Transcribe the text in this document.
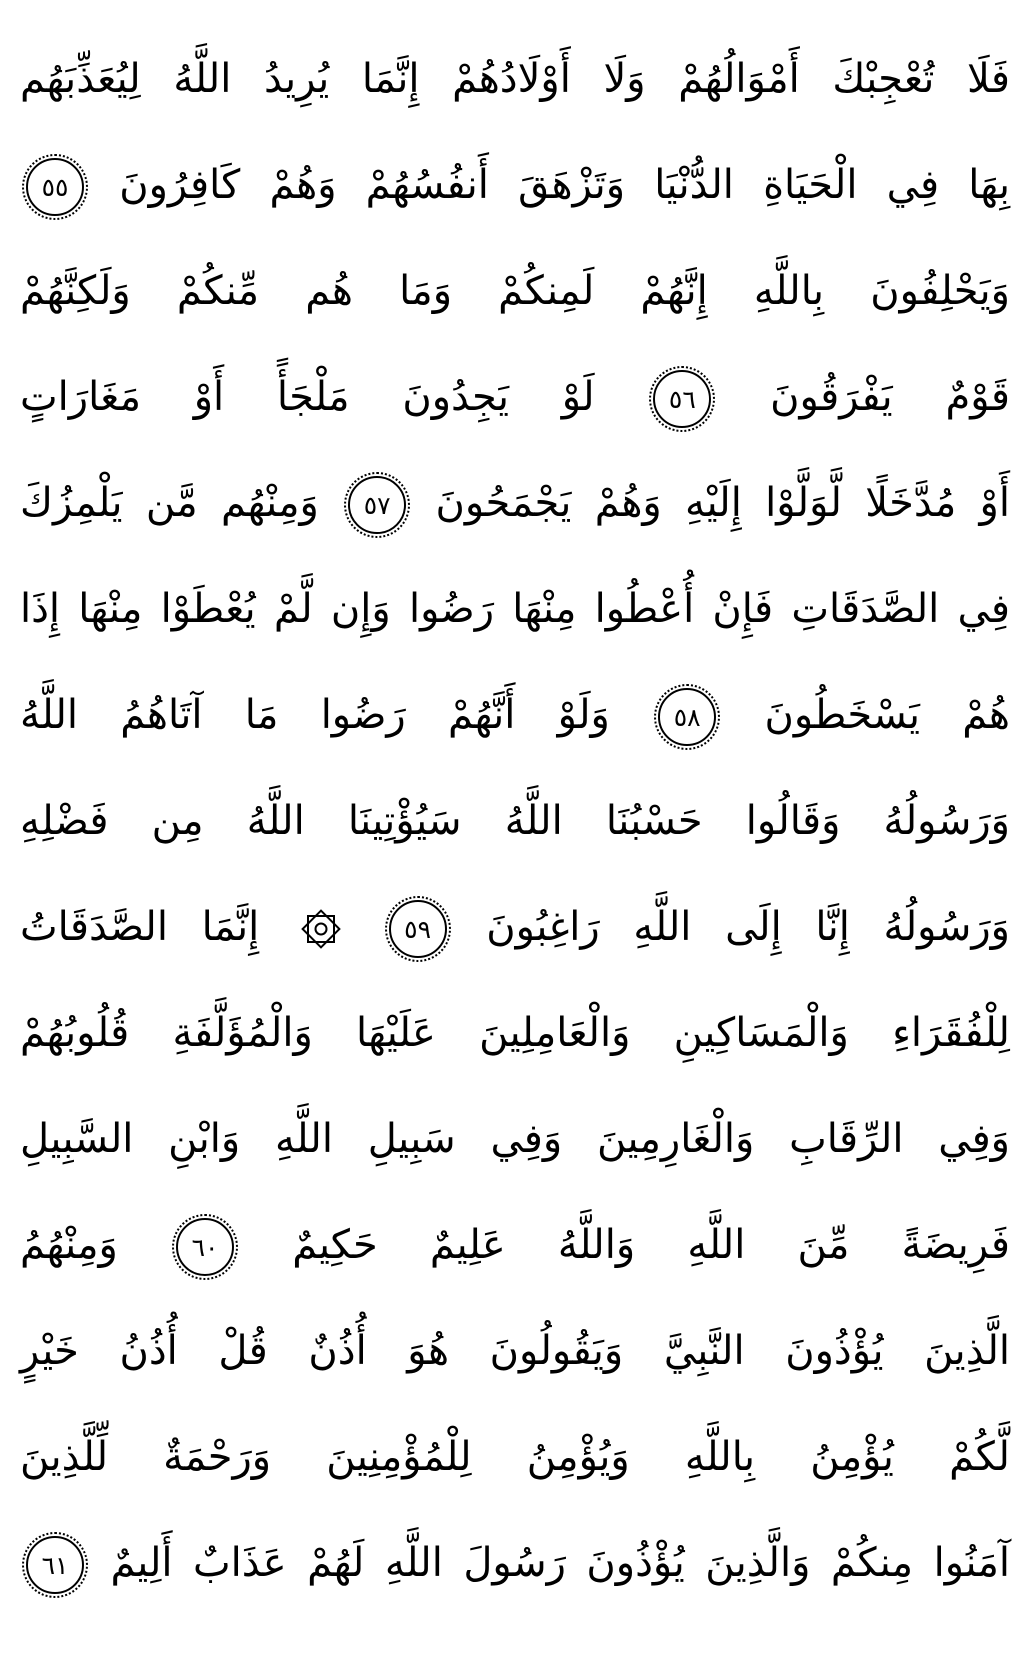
فَلَا تُعْجِبْكَ أَمْوَالُهُمْ وَلَا أَوْلَادُهُمْ إِنَّمَا يُرِيدُ اللَّهُ لِيُعَذِّبَهُم
بِهَا فِي الْحَيَاةِ الدُّنْيَا وَتَزْهَقَ أَنفُسُهُمْ وَهُمْ كَافِرُونَ ٥٥
وَيَحْلِفُونَ بِاللَّهِ إِنَّهُمْ لَمِنكُمْ وَمَا هُم مِّنكُمْ وَلَكِنَّهُمْ
قَوْمٌ يَفْرَقُونَ ٥٦ لَوْ يَجِدُونَ مَلْجَأً أَوْ مَغَارَاتٍ
أَوْ مُدَّخَلًا لَّوَلَّوْا إِلَيْهِ وَهُمْ يَجْمَحُونَ ٥٧ وَمِنْهُم مَّن يَلْمِزُكَ
فِي الصَّدَقَاتِ فَإِنْ أُعْطُوا مِنْهَا رَضُوا وَإِن لَّمْ يُعْطَوْا مِنْهَا إِذَا
هُمْ يَسْخَطُونَ ٥٨ وَلَوْ أَنَّهُمْ رَضُوا مَا آتَاهُمُ اللَّهُ
وَرَسُولُهُ وَقَالُوا حَسْبُنَا اللَّهُ سَيُؤْتِينَا اللَّهُ مِن فَضْلِهِ
وَرَسُولُهُ إِنَّا إِلَى اللَّهِ رَاغِبُونَ ٥٩
إِنَّمَا الصَّدَقَاتُ
لِلْفُقَرَاءِ وَالْمَسَاكِينِ وَالْعَامِلِينَ عَلَيْهَا وَالْمُؤَلَّفَةِ قُلُوبُهُمْ
وَفِي الرِّقَابِ وَالْغَارِمِينَ وَفِي سَبِيلِ اللَّهِ وَابْنِ السَّبِيلِ
فَرِيضَةً مِّنَ اللَّهِ وَاللَّهُ عَلِيمٌ حَكِيمٌ ٦٠ وَمِنْهُمُ
الَّذِينَ يُؤْذُونَ النَّبِيَّ وَيَقُولُونَ هُوَ أُذُنٌ قُلْ أُذُنُ خَيْرٍ
لَّكُمْ يُؤْمِنُ بِاللَّهِ وَيُؤْمِنُ لِلْمُؤْمِنِينَ وَرَحْمَةٌ لِّلَّذِينَ
آمَنُوا مِنكُمْ وَالَّذِينَ يُؤْذُونَ رَسُولَ اللَّهِ لَهُمْ عَذَابٌ أَلِيمٌ ٦١
